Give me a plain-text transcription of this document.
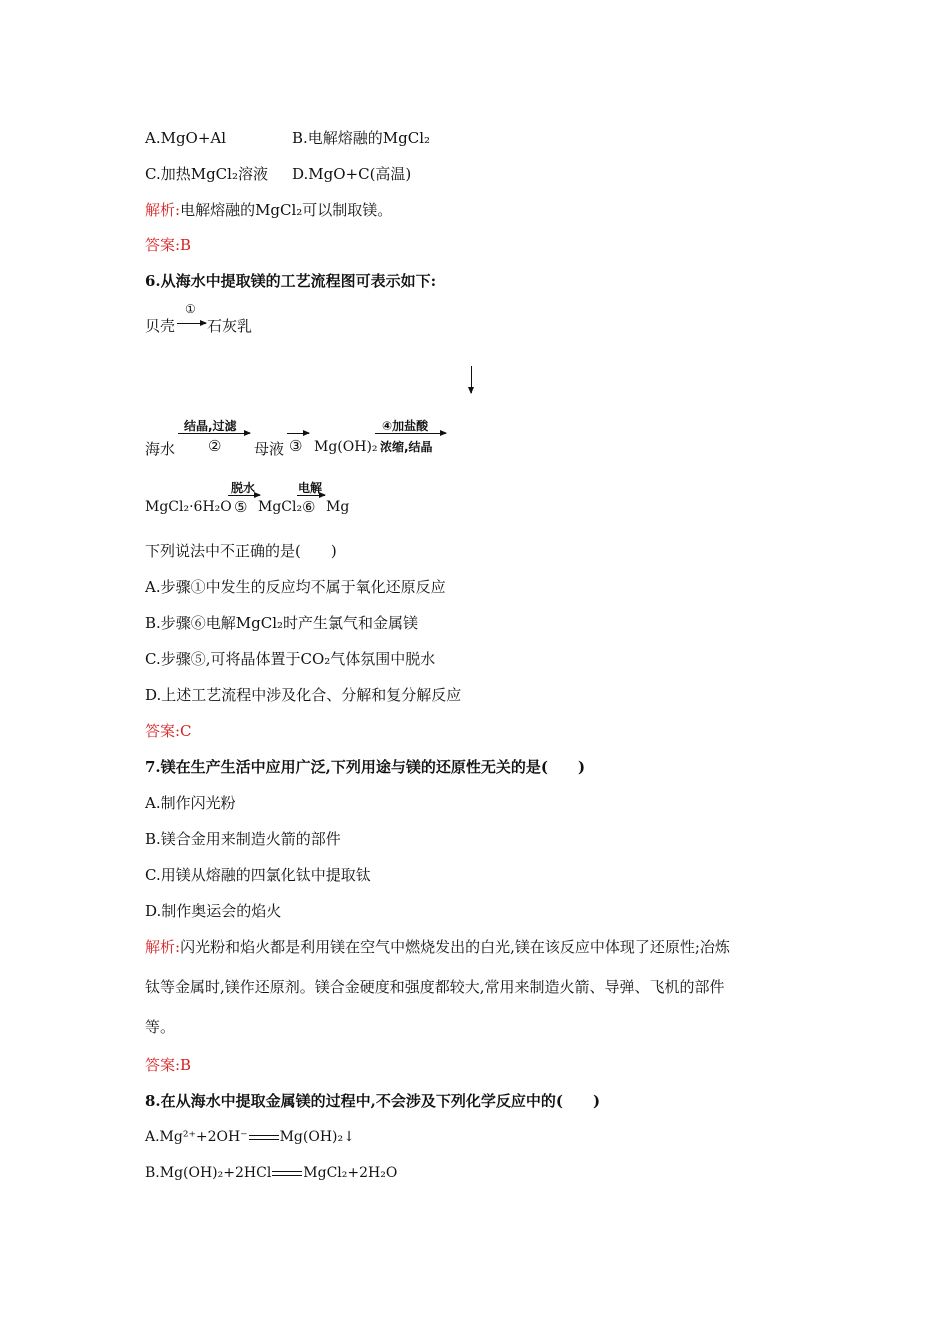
A.MgO+Al	B.电解熔融的MgCl₂
C.加热MgCl₂溶液 D.MgO+C(高温)
解析:电解熔融的MgCl₂可以制取镁。
答案:B
6.从海水中提取镁的工艺流程图可表示如下:
贝壳
①
石灰乳
海水
结晶,过滤
② 母液 ③ Mg(OH)₂
④加盐酸
浓缩,结晶
MgCl₂·6H₂O
脱水
⑤ MgCl₂
电解
⑥ Mg
下列说法中不正确的是(　　)
A.步骤①中发生的反应均不属于氧化还原反应
B.步骤⑥电解MgCl₂时产生氯气和金属镁
C.步骤⑤,可将晶体置于CO₂气体氛围中脱水
D.上述工艺流程中涉及化合、分解和复分解反应
答案:C
7.镁在生产生活中应用广泛,下列用途与镁的还原性无关的是(　　)
A.制作闪光粉
B.镁合金用来制造火箭的部件
C.用镁从熔融的四氯化钛中提取钛
D.制作奥运会的焰火
解析:闪光粉和焰火都是利用镁在空气中燃烧发出的白光,镁在该反应中体现了还原性;冶炼
钛等金属时,镁作还原剂。镁合金硬度和强度都较大,常用来制造火箭、导弹、飞机的部件
等。
答案:B
8.在从海水中提取金属镁的过程中,不会涉及下列化学反应中的(　　)
A.Mg²⁺+2OH⁻ Mg(OH)₂↓
B.Mg(OH)₂+2HCl MgCl₂+2H₂O
